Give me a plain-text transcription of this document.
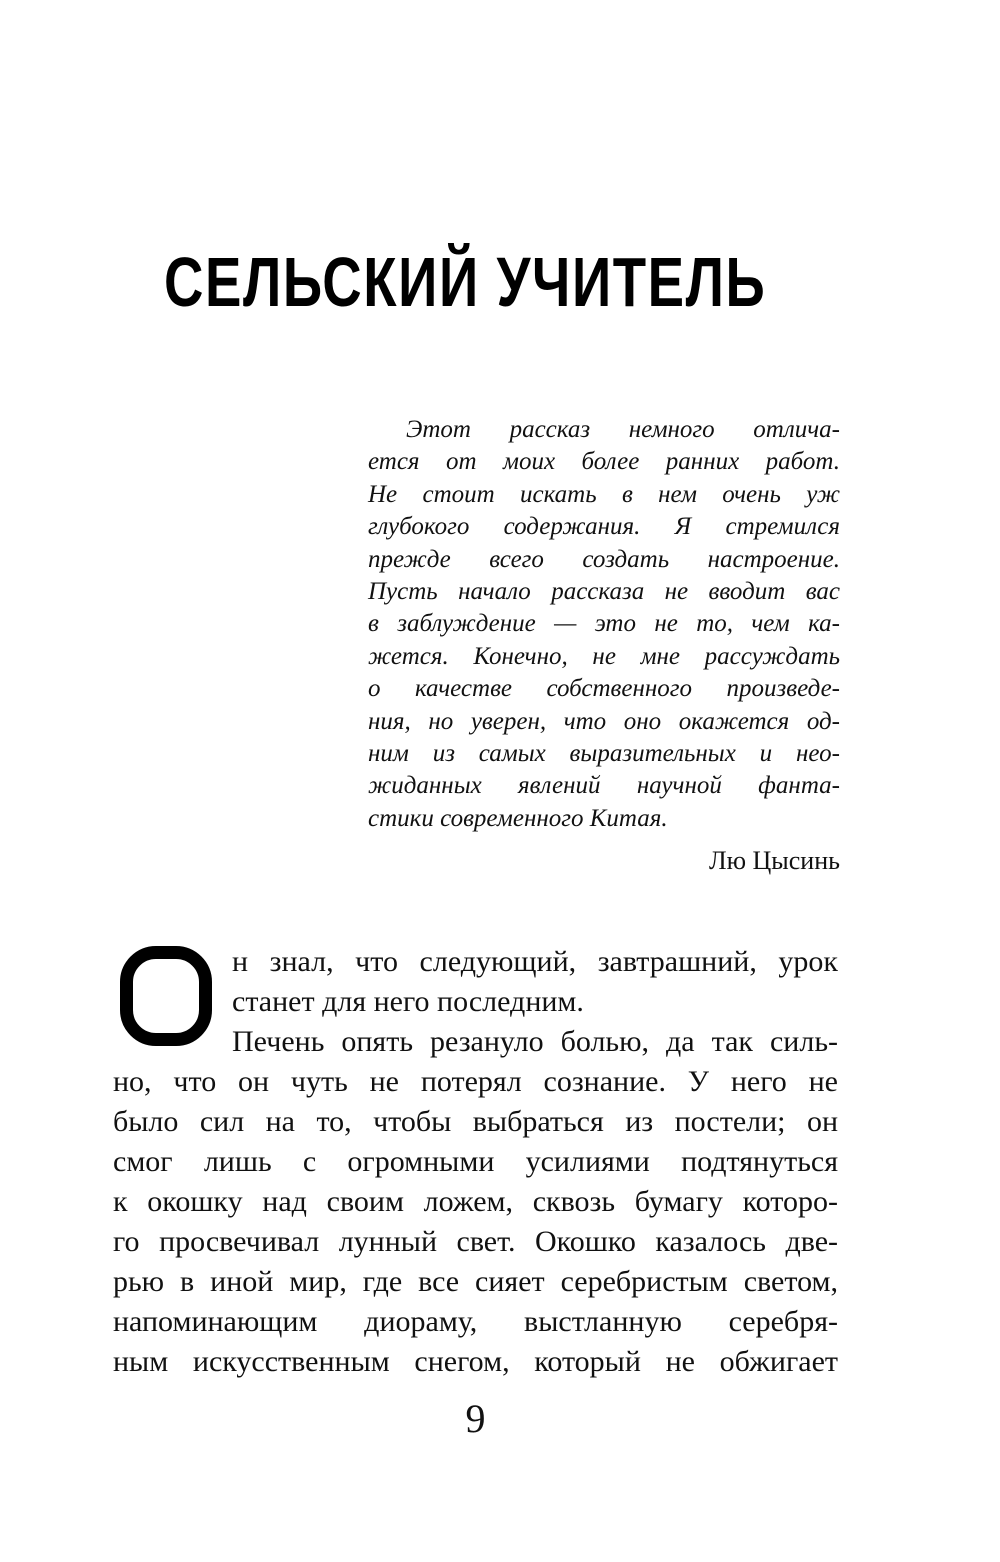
СЕЛЬСКИЙ УЧИТЕЛЬ
Этот рассказ немного отлича-
ется от моих более ранних работ.
Не стоит искать в нем очень уж
глубокого содержания. Я стремился
прежде всего создать настроение.
Пусть начало рассказа не вводит вас
в заблуждение — это не то, чем ка-
жется. Конечно, не мне рассуждать
о качестве собственного произведе-
ния, но уверен, что оно окажется од-
ним из самых выразительных и нео-
жиданных явлений научной фанта-
стики современного Китая.
Лю Цысинь
н знал, что следующий, завтрашний, урок
станет для него последним.
Печень опять резануло болью, да так силь-
но, что он чуть не потерял сознание. У него не
было сил на то, чтобы выбраться из постели; он
смог лишь с огромными усилиями подтянуться
к окошку над своим ложем, сквозь бумагу которо-
го просвечивал лунный свет. Окошко казалось две-
рью в иной мир, где все сияет серебристым светом,
напоминающим диораму, выстланную серебря-
ным искусственным снегом, который не обжигает
9
